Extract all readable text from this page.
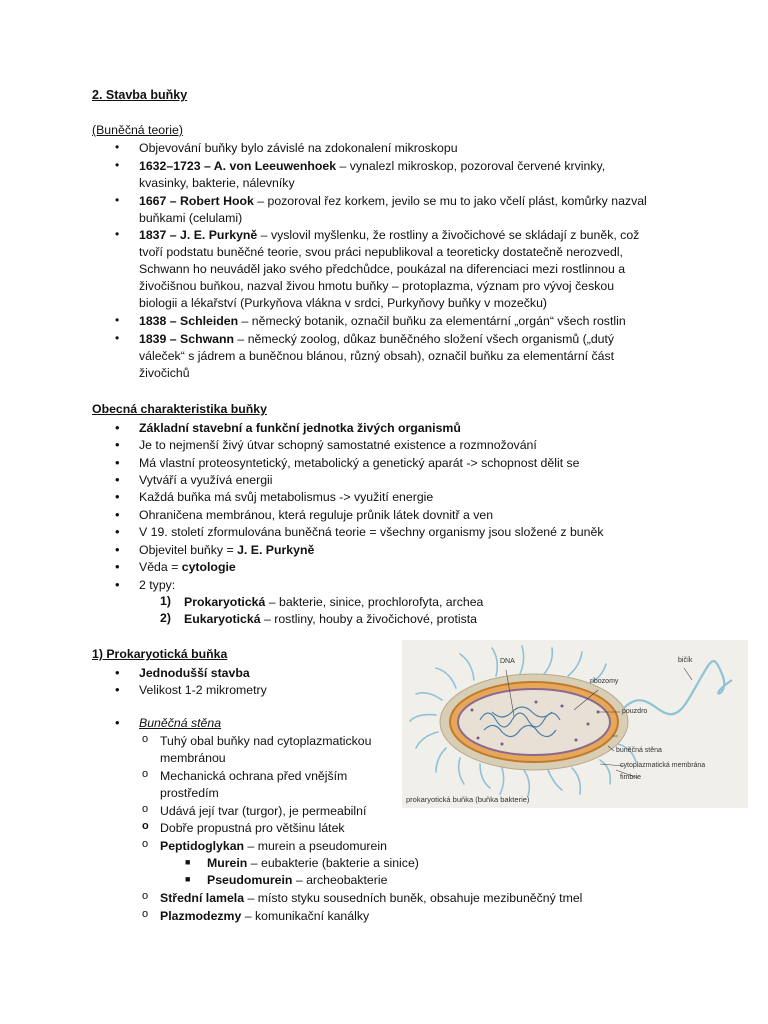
2. Stavba buňky
(Buněčná teorie)
•	Objevování buňky bylo závislé na zdokonalení mikroskopu
•	1632–1723 – A. von Leeuwenhoek – vynalezl mikroskop, pozoroval červené krvinky,
kvasinky, bakterie, nálevníky
•	1667 – Robert Hook – pozoroval řez korkem, jevilo se mu to jako včelí plást, komůrky nazval
buňkami (celulami)
•	1837 – J. E. Purkyně – vyslovil myšlenku, že rostliny a živočichové se skládají z buněk, což
tvoří podstatu buněčné teorie, svou práci nepublikoval a teoreticky dostatečně nerozvedl,
Schwann ho neuváděl jako svého předchůdce, poukázal na diferenciaci mezi rostlinnou a
živočišnou buňkou, nazval živou hmotu buňky – protoplazma, význam pro vývoj českou
biologii a lékařství (Purkyňova vlákna v srdci, Purkyňovy buňky v mozečku)
•	1838 – Schleiden – německý botanik, označil buňku za elementární „orgán“ všech rostlin
•	1839 – Schwann – německý zoolog, důkaz buněčného složení všech organismů („dutý
váleček“ s jádrem a buněčnou blánou, různý obsah), označil buňku za elementární část
živočichů
Obecná charakteristika buňky
•	Základní stavební a funkční jednotka živých organismů
•	Je to nejmenší živý útvar schopný samostatné existence a rozmnožování
•	Má vlastní proteosyntetický, metabolický a genetický aparát -> schopnost dělit se
•	Vytváří a využívá energii
•	Každá buňka má svůj metabolismus -> využití energie
•	Ohraničena membránou, která reguluje průnik látek dovnitř a ven
•	V 19. století zformulována buněčná teorie = všechny organismy jsou složené z buněk
•	Objevitel buňky = J. E. Purkyně
•	Věda = cytologie
•	2 typy:
1) Prokaryotická – bakterie, sinice, prochlorofyta, archea
2) Eukaryotická – rostliny, houby a živočichové, protista
1) Prokaryotická buňka
•	Jednodušší stavba
•	Velikost 1-2 mikrometry
•	Buněčná stěna
o Tuhý obal buňky nad cytoplazmatickou
membránou
o Mechanická ochrana před vnějším
prostředím
o Udává její tvar (turgor), je permeabilní
o Dobře propustná pro většinu látek
o Peptidoglykan – murein a pseudomurein
■ Murein – eubakterie (bakterie a sinice)
■ Pseudomurein – archeobakterie
o Střední lamela – místo styku sousedních buněk, obsahuje mezibuněčný tmel
o Plazmodezmy – komunikační kanálky
DNA
ribozomy
bičík
pouzdro
buněčná stěna
cytoplazmatická membrána
fimbrie
prokaryotická buňka (buňka bakterie)
